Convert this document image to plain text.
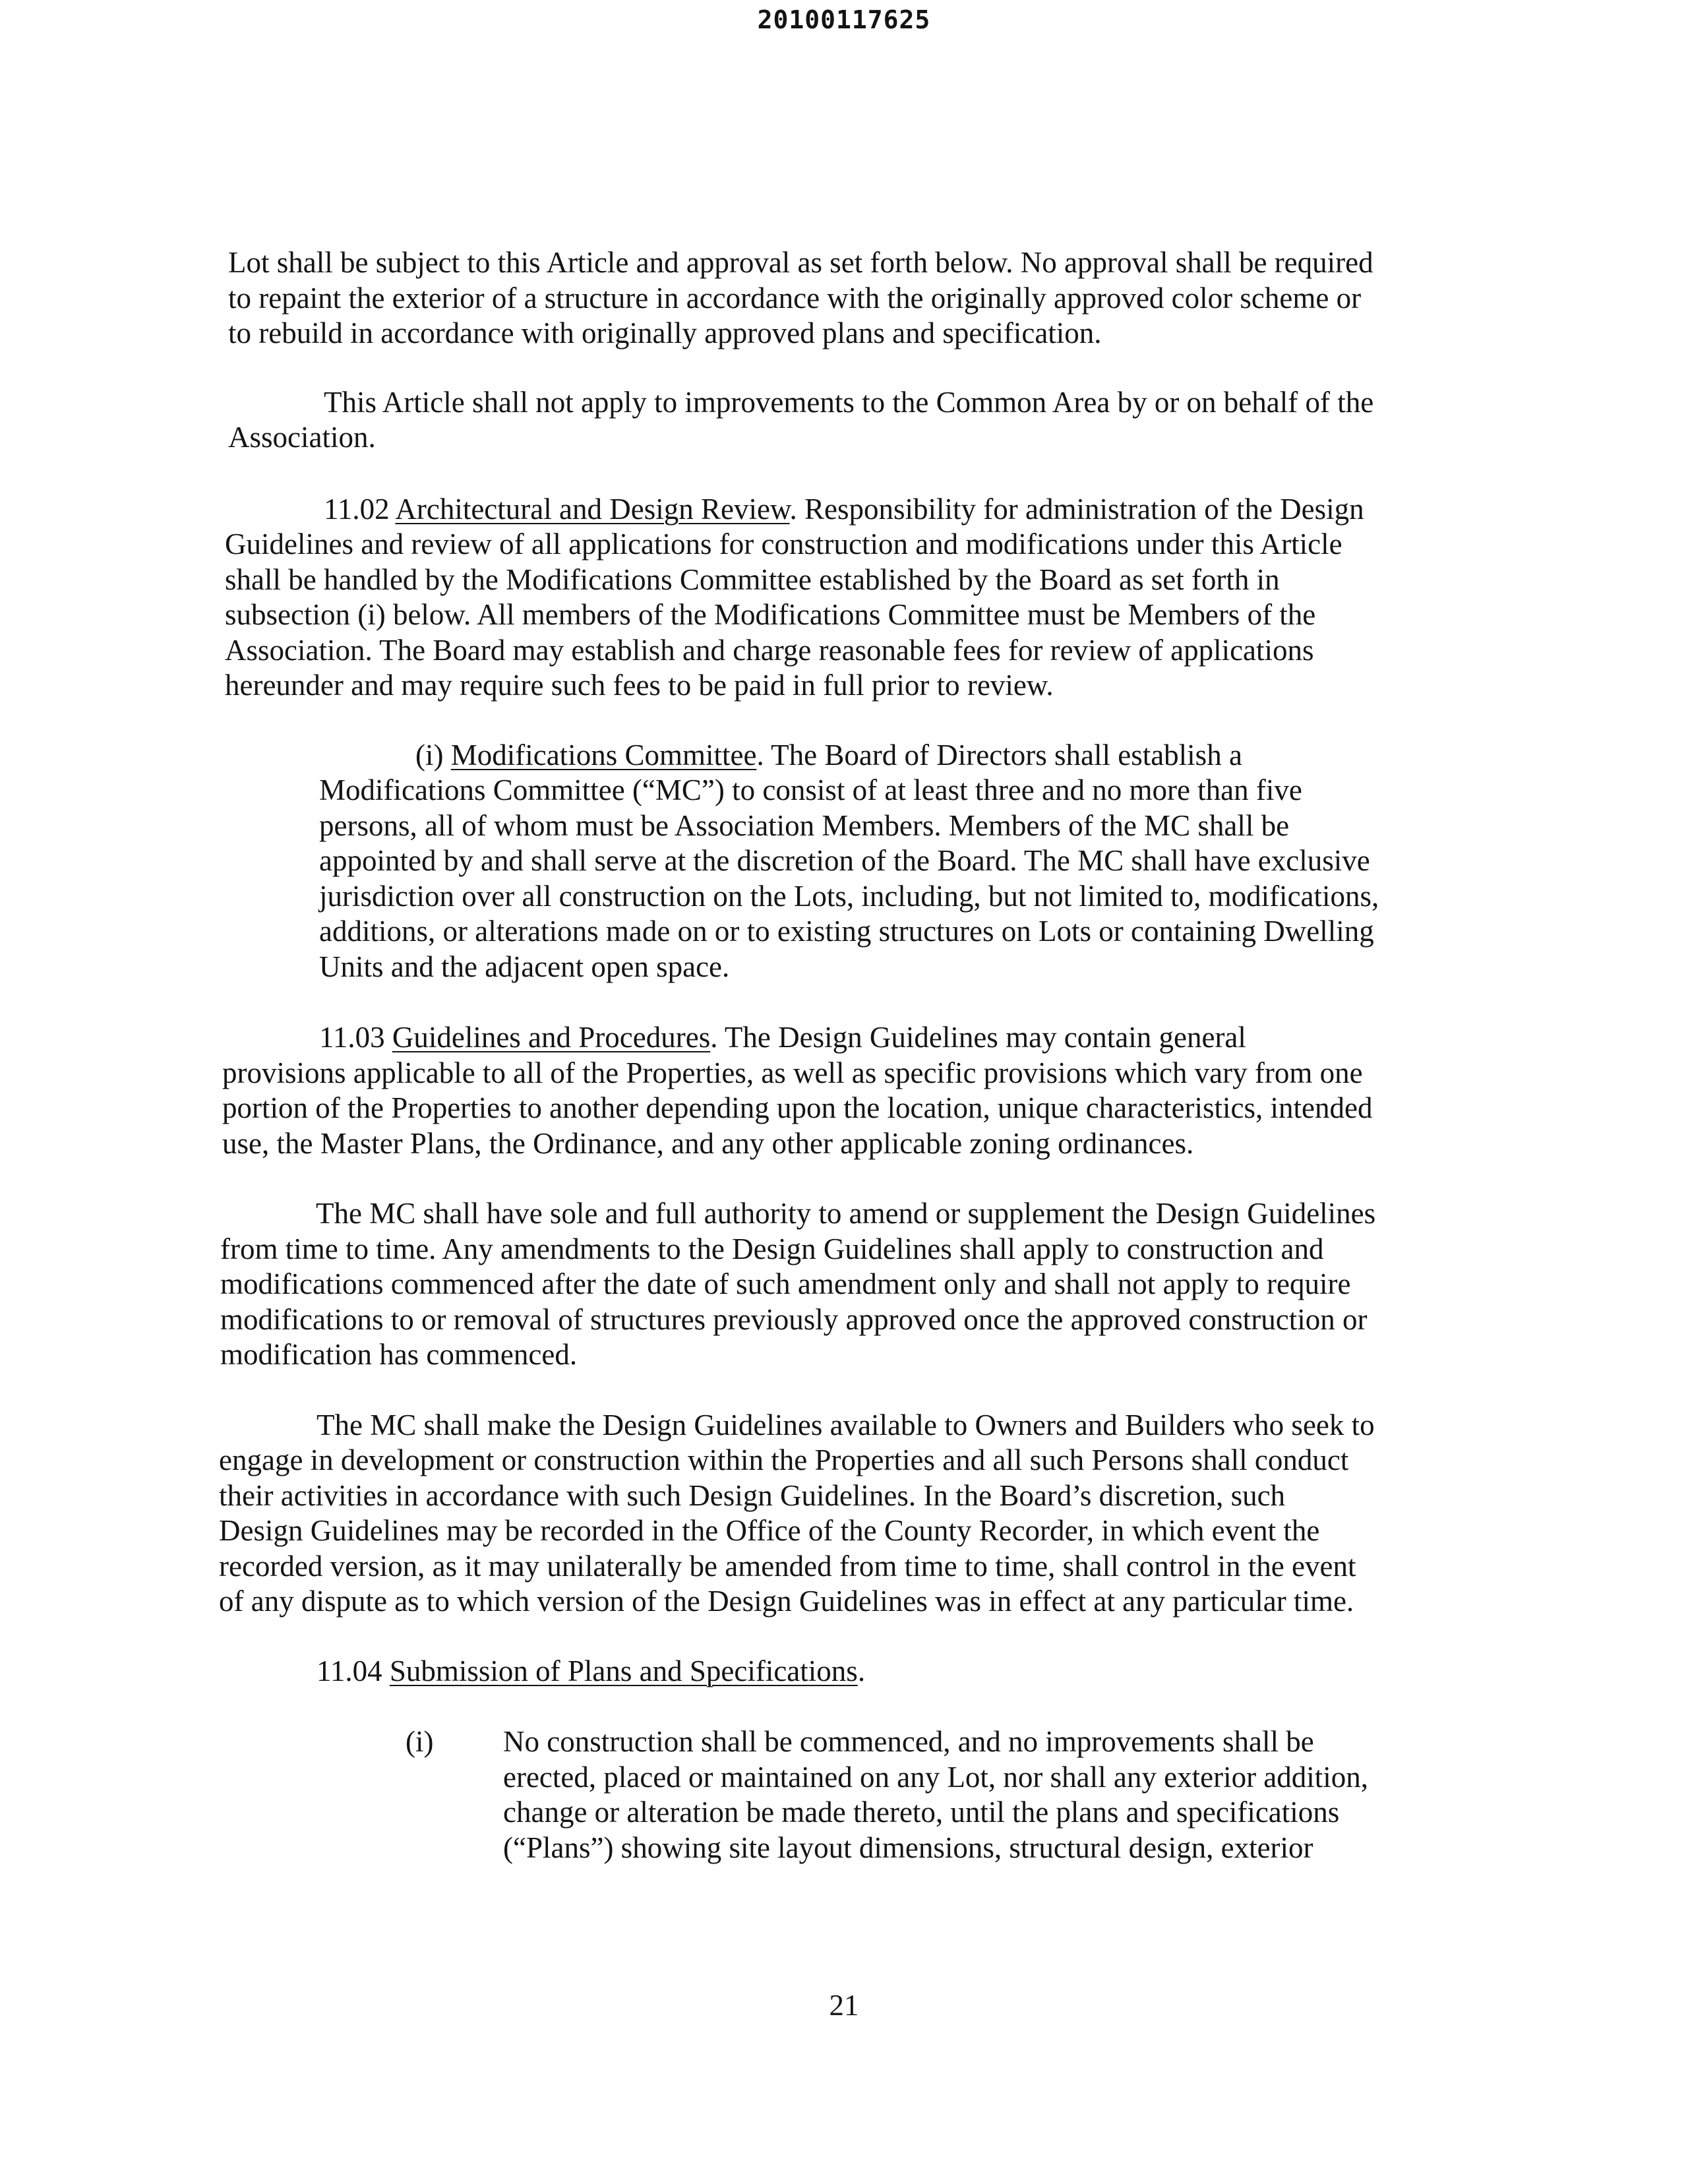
20100117625

Lot shall be subject to this Article and approval as set forth below. No approval shall be required
to repaint the exterior of a structure in accordance with the originally approved color scheme or
to rebuild in accordance with originally approved plans and specification.

This Article shall not apply to improvements to the Common Area by or on behalf of the
Association.

11.02 Architectural and Design Review. Responsibility for administration of the Design
Guidelines and review of all applications for construction and modifications under this Article
shall be handled by the Modifications Committee established by the Board as set forth in
subsection (i) below. All members of the Modifications Committee must be Members of the
Association. The Board may establish and charge reasonable fees for review of applications
hereunder and may require such fees to be paid in full prior to review.

(i) Modifications Committee. The Board of Directors shall establish a
Modifications Committee (“MC”) to consist of at least three and no more than five
persons, all of whom must be Association Members. Members of the MC shall be
appointed by and shall serve at the discretion of the Board. The MC shall have exclusive
jurisdiction over all construction on the Lots, including, but not limited to, modifications,
additions, or alterations made on or to existing structures on Lots or containing Dwelling
Units and the adjacent open space.

11.03 Guidelines and Procedures. The Design Guidelines may contain general
provisions applicable to all of the Properties, as well as specific provisions which vary from one
portion of the Properties to another depending upon the location, unique characteristics, intended
use, the Master Plans, the Ordinance, and any other applicable zoning ordinances.

The MC shall have sole and full authority to amend or supplement the Design Guidelines
from time to time. Any amendments to the Design Guidelines shall apply to construction and
modifications commenced after the date of such amendment only and shall not apply to require
modifications to or removal of structures previously approved once the approved construction or
modification has commenced.

The MC shall make the Design Guidelines available to Owners and Builders who seek to
engage in development or construction within the Properties and all such Persons shall conduct
their activities in accordance with such Design Guidelines. In the Board’s discretion, such
Design Guidelines may be recorded in the Office of the County Recorder, in which event the
recorded version, as it may unilaterally be amended from time to time, shall control in the event
of any dispute as to which version of the Design Guidelines was in effect at any particular time.

11.04 Submission of Plans and Specifications.

(i) No construction shall be commenced, and no improvements shall be
erected, placed or maintained on any Lot, nor shall any exterior addition,
change or alteration be made thereto, until the plans and specifications
(“Plans”) showing site layout dimensions, structural design, exterior

21
